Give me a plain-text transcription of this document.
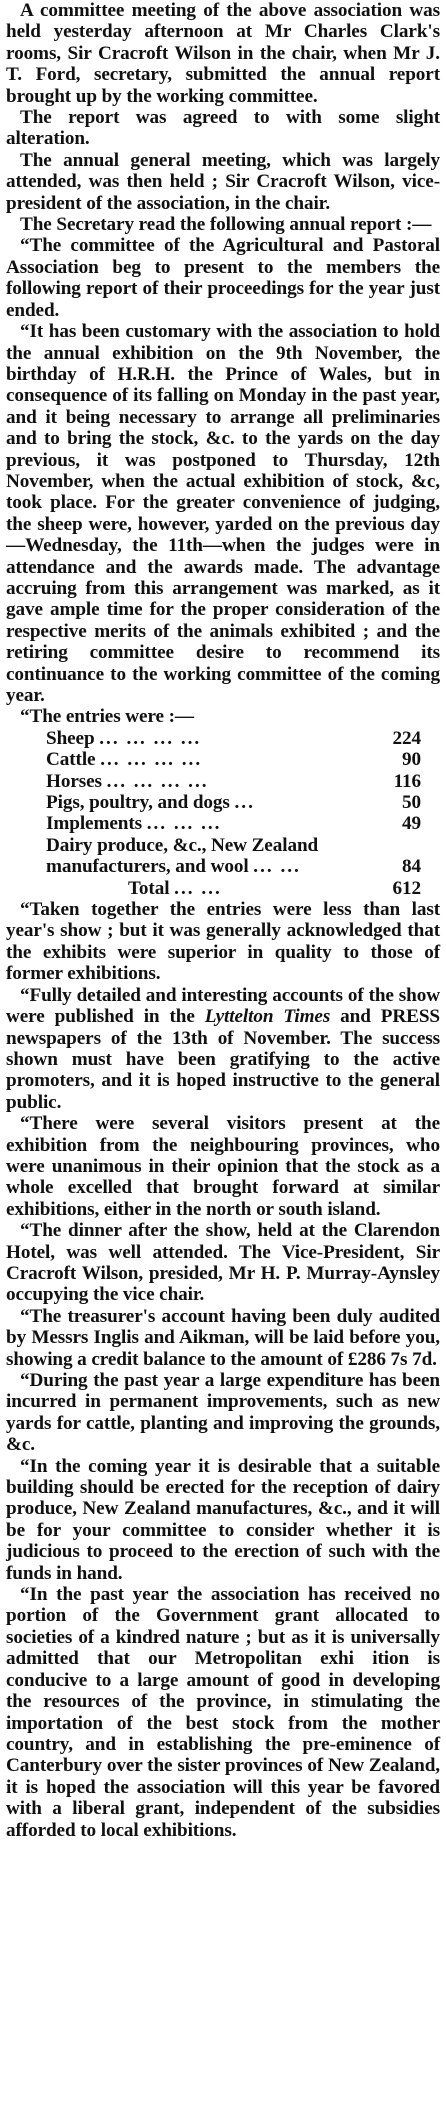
A committee meeting of the above association was held yesterday afternoon at Mr Charles Clark's rooms, Sir Cracroft Wilson in the chair, when Mr J. T. Ford, secretary, submitted the annual report brought up by the working committee.

The report was agreed to with some slight alteration.

The annual general meeting, which was largely attended, was then held ; Sir Cracroft Wilson, vice-president of the association, in the chair.

The Secretary read the following annual report :—

“The committee of the Agricultural and Pastoral Association beg to present to the members the following report of their proceedings for the year just ended.

“It has been customary with the association to hold the annual exhibition on the 9th November, the birthday of H.R.H. the Prince of Wales, but in consequence of its falling on Monday in the past year, and it being necessary to arrange all preliminaries and to bring the stock, &c. to the yards on the day previous, it was postponed to Thursday, 12th November, when the actual exhibition of stock, &c, took place. For the greater convenience of judging, the sheep were, however, yarded on the previous day—Wednesday, the 11th—when the judges were in attendance and the awards made. The advantage accruing from this arrangement was marked, as it gave ample time for the proper consideration of the respective merits of the animals exhibited ; and the retiring committee desire to recommend its continuance to the working committee of the coming year.

“The entries were :—

Sheep ... ... ... ...	224
Cattle ... ... ... ...	90
Horses ... ... ... ...	116
Pigs, poultry, and dogs ...	50
Implements ... ... ...	49
Dairy produce, &c., New Zealand manufacturers, and wool ... ...	84
Total ... ...	612

“Taken together the entries were less than last year's show ; but it was generally acknowledged that the exhibits were superior in quality to those of former exhibitions.

“Fully detailed and interesting accounts of the show were published in the Lyttelton Times and PRESS newspapers of the 13th of November. The success shown must have been gratifying to the active promoters, and it is hoped instructive to the general public.

“There were several visitors present at the exhibition from the neighbouring provinces, who were unanimous in their opinion that the stock as a whole excelled that brought forward at similar exhibitions, either in the north or south island.

“The dinner after the show, held at the Clarendon Hotel, was well attended. The Vice-President, Sir Cracroft Wilson, presided, Mr H. P. Murray-Aynsley occupying the vice chair.

“The treasurer's account having been duly audited by Messrs Inglis and Aikman, will be laid before you, showing a credit balance to the amount of £286 7s 7d.

“During the past year a large expenditure has been incurred in permanent improvements, such as new yards for cattle, planting and improving the grounds, &c.

“In the coming year it is desirable that a suitable building should be erected for the reception of dairy produce, New Zealand manufactures, &c., and it will be for your committee to consider whether it is judicious to proceed to the erection of such with the funds in hand.

“In the past year the association has received no portion of the Government grant allocated to societies of a kindred nature ; but as it is universally admitted that our Metropolitan exhi ition is conducive to a large amount of good in developing the resources of the province, in stimulating the importation of the best stock from the mother country, and in establishing the pre-eminence of Canterbury over the sister provinces of New Zealand, it is hoped the association will this year be favored with a liberal grant, independent of the subsidies afforded to local exhibitions.
